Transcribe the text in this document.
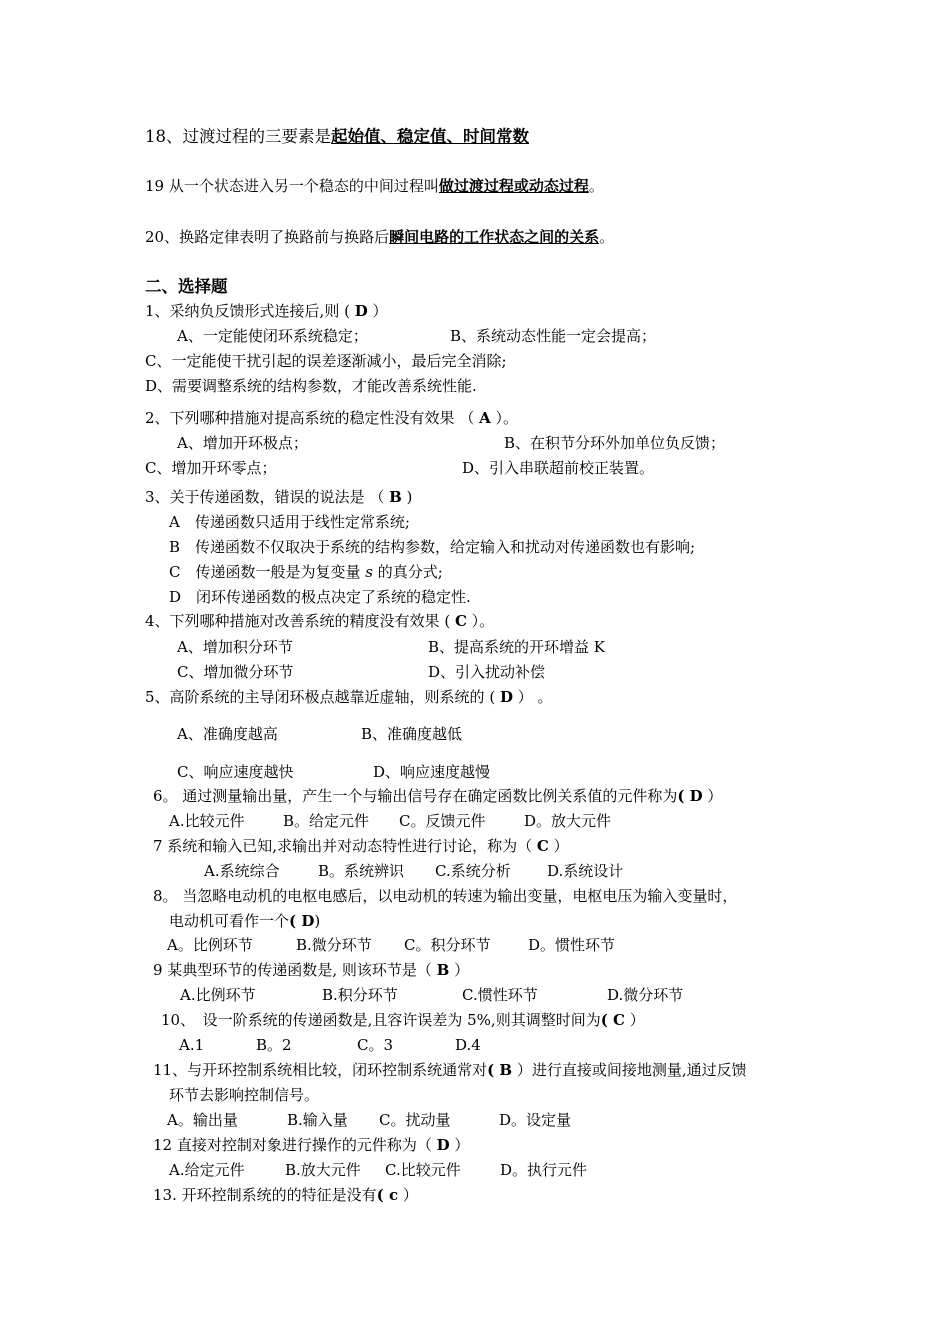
18、过渡过程的三要素是起始值、稳定值、时间常数
19 从一个状态进入另一个稳态的中间过程叫做过渡过程或动态过程。
20、换路定律表明了换路前与换路后瞬间电路的工作状态之间的关系。
二、选择题
1、采纳负反馈形式连接后,则 ( D ）
A、一定能使闭环系统稳定；	B、系统动态性能一定会提高；
C、一定能使干扰引起的误差逐渐减小，最后完全消除;
D、需要调整系统的结构参数，才能改善系统性能.
2、下列哪种措施对提高系统的稳定性没有效果 （ A ）。
A、增加开环极点；	B、在积节分环外加单位负反馈；
C、增加开环零点；	D、引入串联超前校正装置。
3、关于传递函数，错误的说法是 （ B )
A　传递函数只适用于线性定常系统;
B　传递函数不仅取决于系统的结构参数，给定输入和扰动对传递函数也有影响;
C　传递函数一般是为复变量 s 的真分式;
D　闭环传递函数的极点决定了系统的稳定性.
4、下列哪种措施对改善系统的精度没有效果 ( C ）。
A、增加积分环节	B、提高系统的开环增益 K
C、增加微分环节	D、引入扰动补偿
5、高阶系统的主导闭环极点越靠近虚轴，则系统的 ( D ） 。
A、准确度越高	B、准确度越低
C、响应速度越快	D、响应速度越慢
6。 通过测量输出量，产生一个与输出信号存在确定函数比例关系值的元件称为( D ）
A.比较元件	B。给定元件 C。反馈元件	D。放大元件
7 系统和输入已知,求输出并对动态特性进行讨论，称为（ C ）
A.系统综合	B。系统辨识 C.系统分析 D.系统设计
8。 当忽略电动机的电枢电感后，以电动机的转速为输出变量，电枢电压为输入变量时，
电动机可看作一个( D)
A。比例环节	B.微分环节 C。积分环节	D。惯性环节
9 某典型环节的传递函数是, 则该环节是（ B ）
A.比例环节	B.积分环节	C.惯性环节	D.微分环节
10、　设一阶系统的传递函数是,且容许误差为 5%,则其调整时间为( C ）
A.1	B。2	C。3	D.4
11、与开环控制系统相比较，闭环控制系统通常对( B ）进行直接或间接地测量,通过反馈
环节去影响控制信号。
A。输出量	B.输入量 C。扰动量	D。设定量
12 直接对控制对象进行操作的元件称为（ D ）
A.给定元件	B.放大元件 C.比较元件	D。执行元件
13. 开环控制系统的的特征是没有( c ）
